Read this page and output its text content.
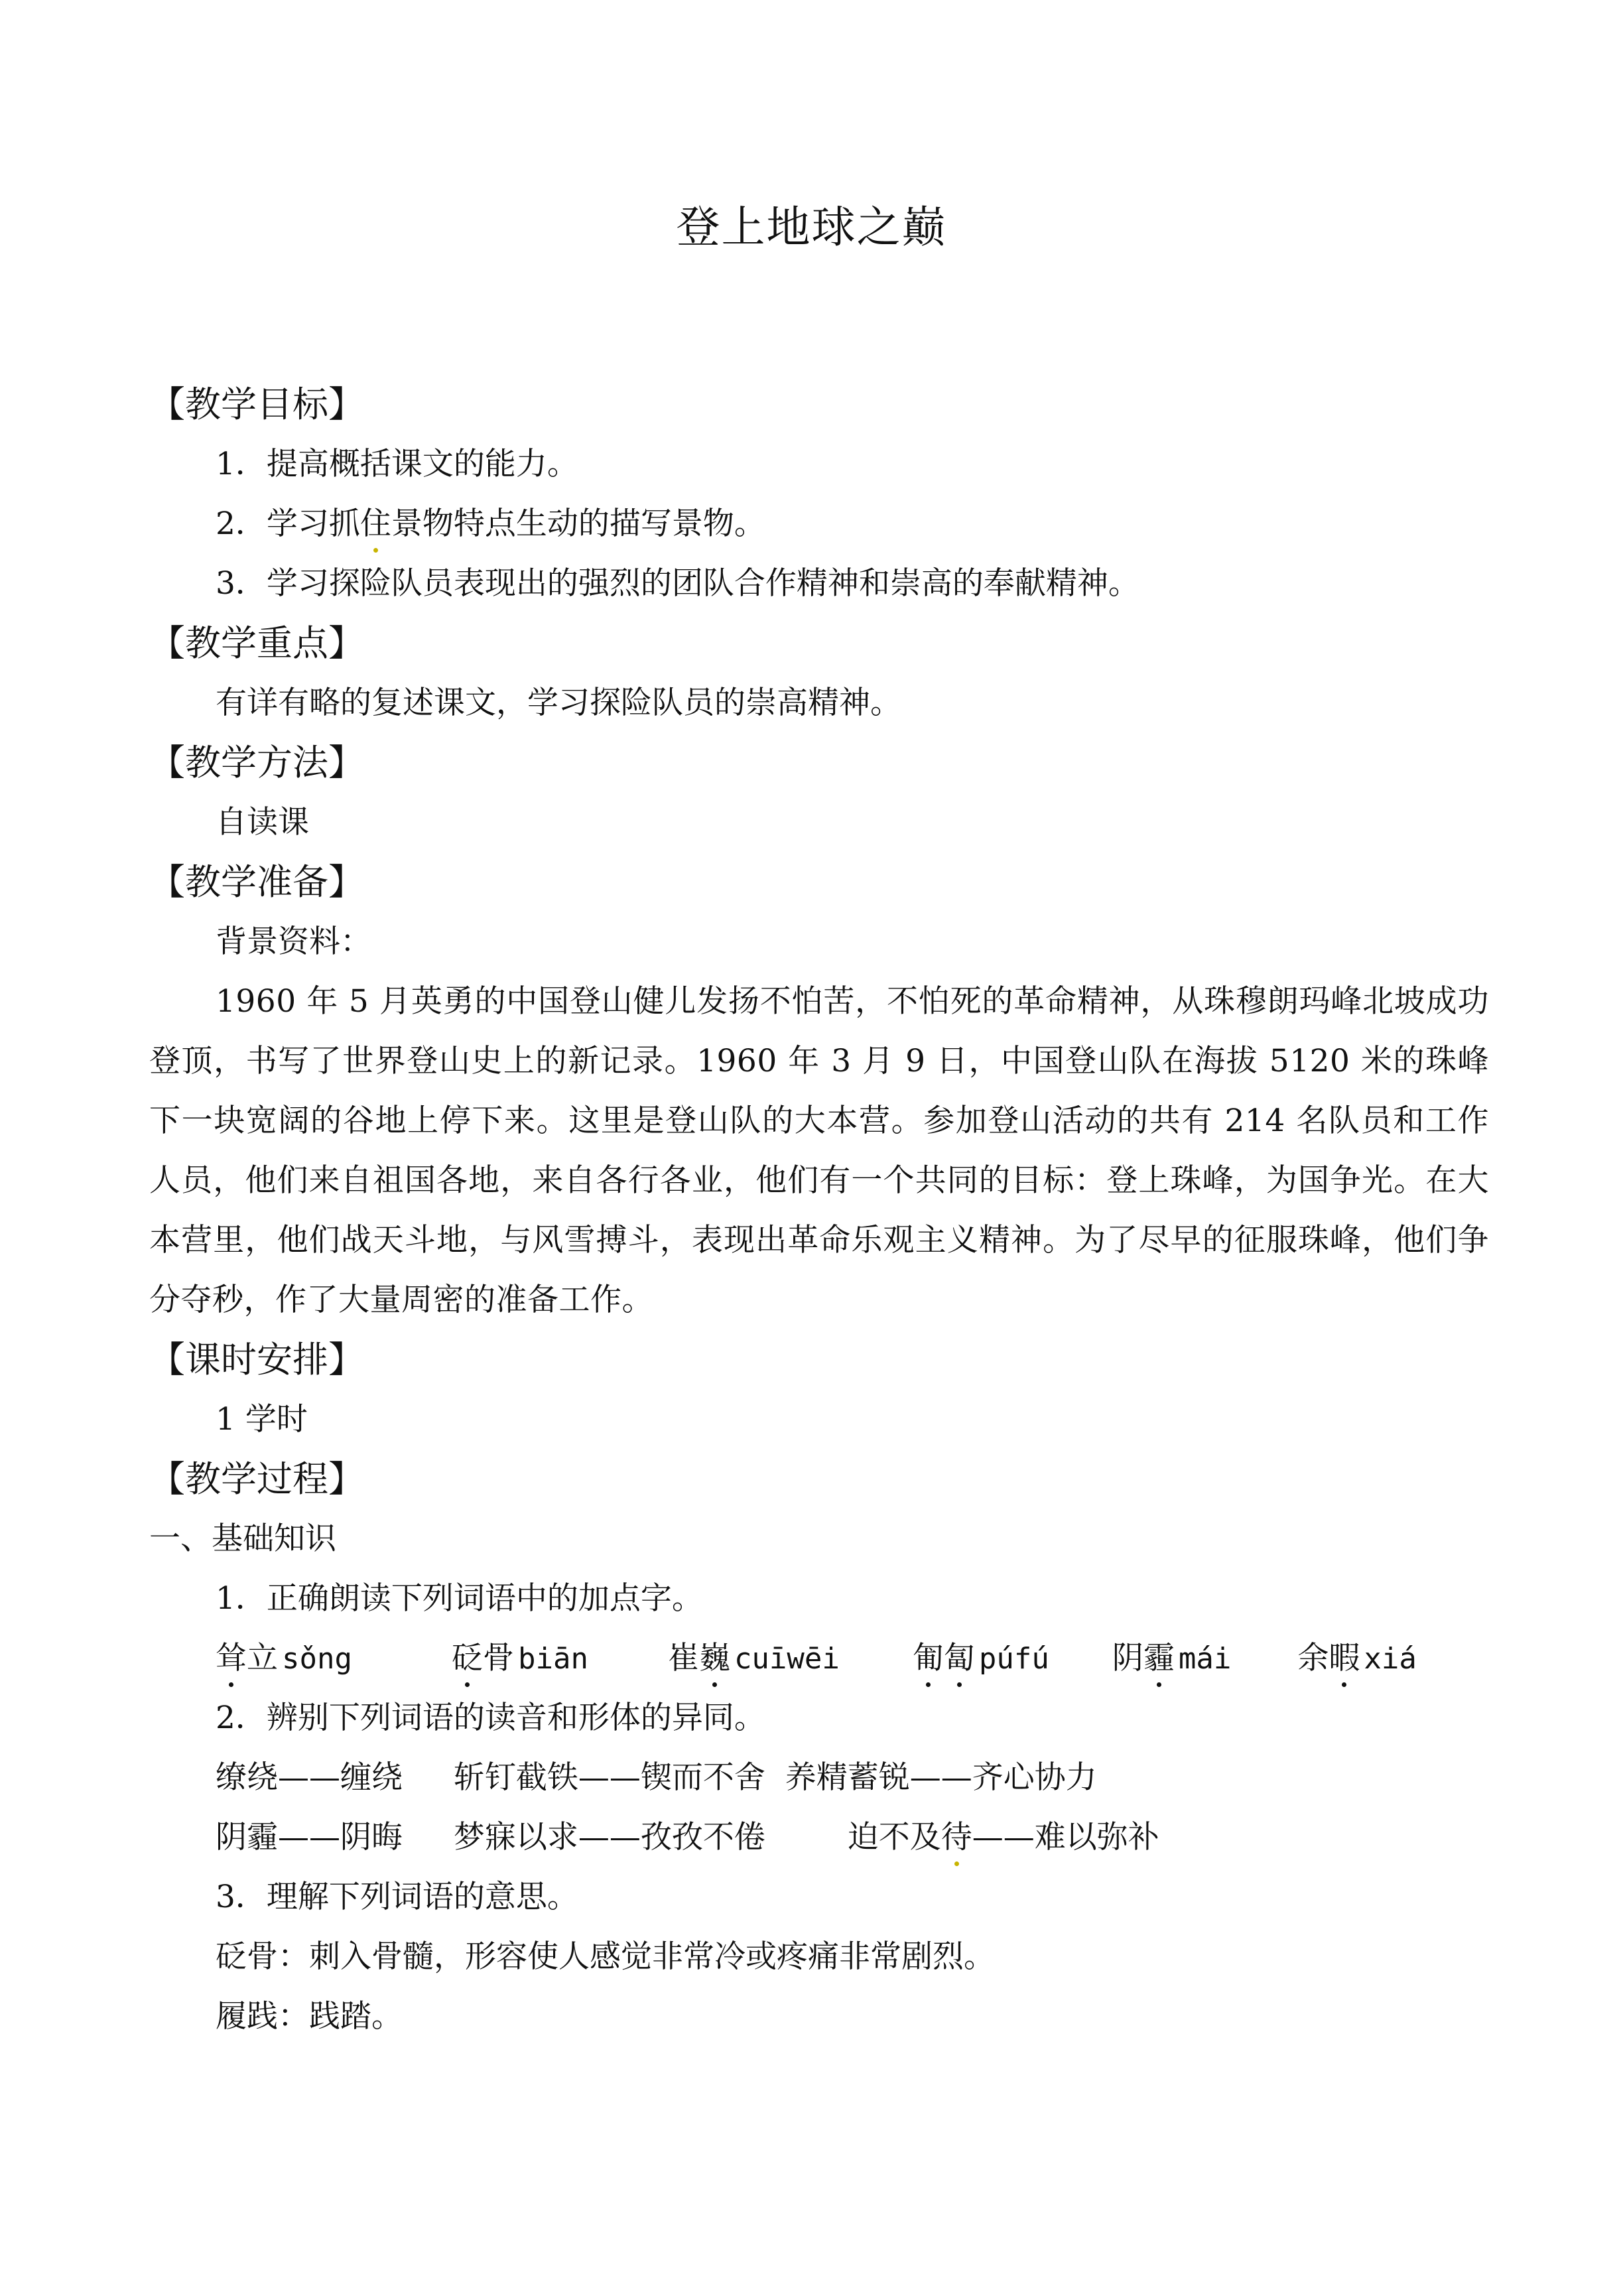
登上地球之巅
【教学目标】
1．提高概括课文的能力。
2．学习抓住景物特点生动的描写景物。
3．学习探险队员表现出的强烈的团队合作精神和崇高的奉献精神。
【教学重点】
有详有略的复述课文，学习探险队员的崇高精神。
【教学方法】
自读课
【教学准备】
背景资料：
1960 年 5 月英勇的中国登山健儿发扬不怕苦，不怕死的革命精神，从珠穆朗玛峰北坡成功登顶，书写了世界登山史上的新记录。1960 年 3 月 9 日，中国登山队在海拔 5120 米的珠峰下一块宽阔的谷地上停下来。这里是登山队的大本营。参加登山活动的共有 214 名队员和工作人员，他们来自祖国各地，来自各行各业，他们有一个共同的目标：登上珠峰，为国争光。在大本营里，他们战天斗地，与风雪搏斗，表现出革命乐观主义精神。为了尽早的征服珠峰，他们争分夺秒，作了大量周密的准备工作。
【课时安排】
1 学时
【教学过程】
一、基础知识
1．正确朗读下列词语中的加点字。
耸立 sǒng	砭骨 biān	崔巍 cuīwēi 匍匐 púfú 阴霾 mái 余暇 xiá
2．辨别下列词语的读音和形体的异同。
缭绕——缠绕　  斩钉截铁——锲而不舍  养精蓄锐——齐心协力
阴霾——阴晦　  梦寐以求——孜孜不倦　　  迫不及待——难以弥补
3．理解下列词语的意思。
砭骨：刺入骨髓，形容使人感觉非常冷或疼痛非常剧烈。
履践：践踏。
